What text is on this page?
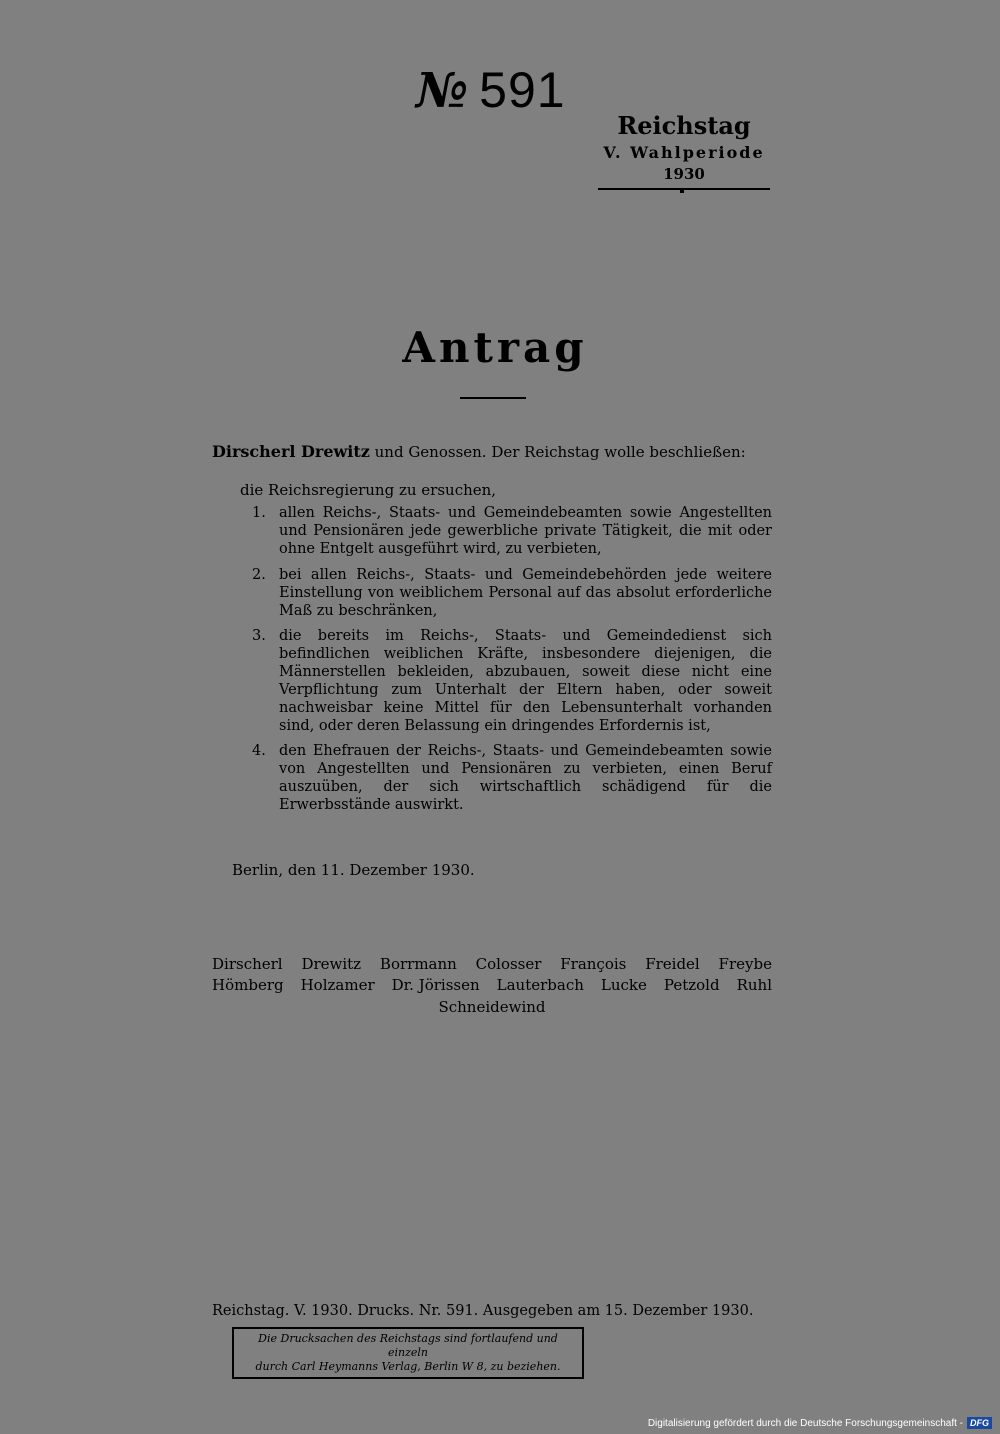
№ 591
Reichstag
V. Wahlperiode
1930
Antrag
Dirscherl Drewitz und Genossen. Der Reichstag wolle beschließen:
die Reichsregierung zu ersuchen,
1. allen Reichs-, Staats- und Gemeindebeamten sowie Angestellten und Pensionären jede gewerbliche private Tätigkeit, die mit oder ohne Entgelt ausgeführt wird, zu verbieten,
2. bei allen Reichs-, Staats- und Gemeindebehörden jede weitere Einstellung von weiblichem Personal auf das absolut erforderliche Maß zu beschränken,
3. die bereits im Reichs-, Staats- und Gemeindedienst sich befindlichen weiblichen Kräfte, insbesondere diejenigen, die Männerstellen bekleiden, abzubauen, soweit diese nicht eine Verpflichtung zum Unterhalt der Eltern haben, oder soweit nachweisbar keine Mittel für den Lebensunterhalt vorhanden sind, oder deren Belassung ein dringendes Erfordernis ist,
4. den Ehefrauen der Reichs-, Staats- und Gemeindebeamten sowie von Angestellten und Pensionären zu verbieten, einen Beruf auszuüben, der sich wirtschaftlich schädigend für die Erwerbsstände auswirkt.
Berlin, den 11. Dezember 1930.
Dirscherl Drewitz Borrmann Colosser François Freidel Freybe
Hömberg Holzamer Dr. Jörissen Lauterbach Lucke Petzold Ruhl
Schneidewind
Reichstag. V. 1930. Drucks. Nr. 591. Ausgegeben am 15. Dezember 1930.
Die Drucksachen des Reichstags sind fortlaufend und einzeln
durch Carl Heymanns Verlag, Berlin W 8, zu beziehen.
Digitalisierung gefördert durch die Deutsche Forschungsgemeinschaft - DFG
